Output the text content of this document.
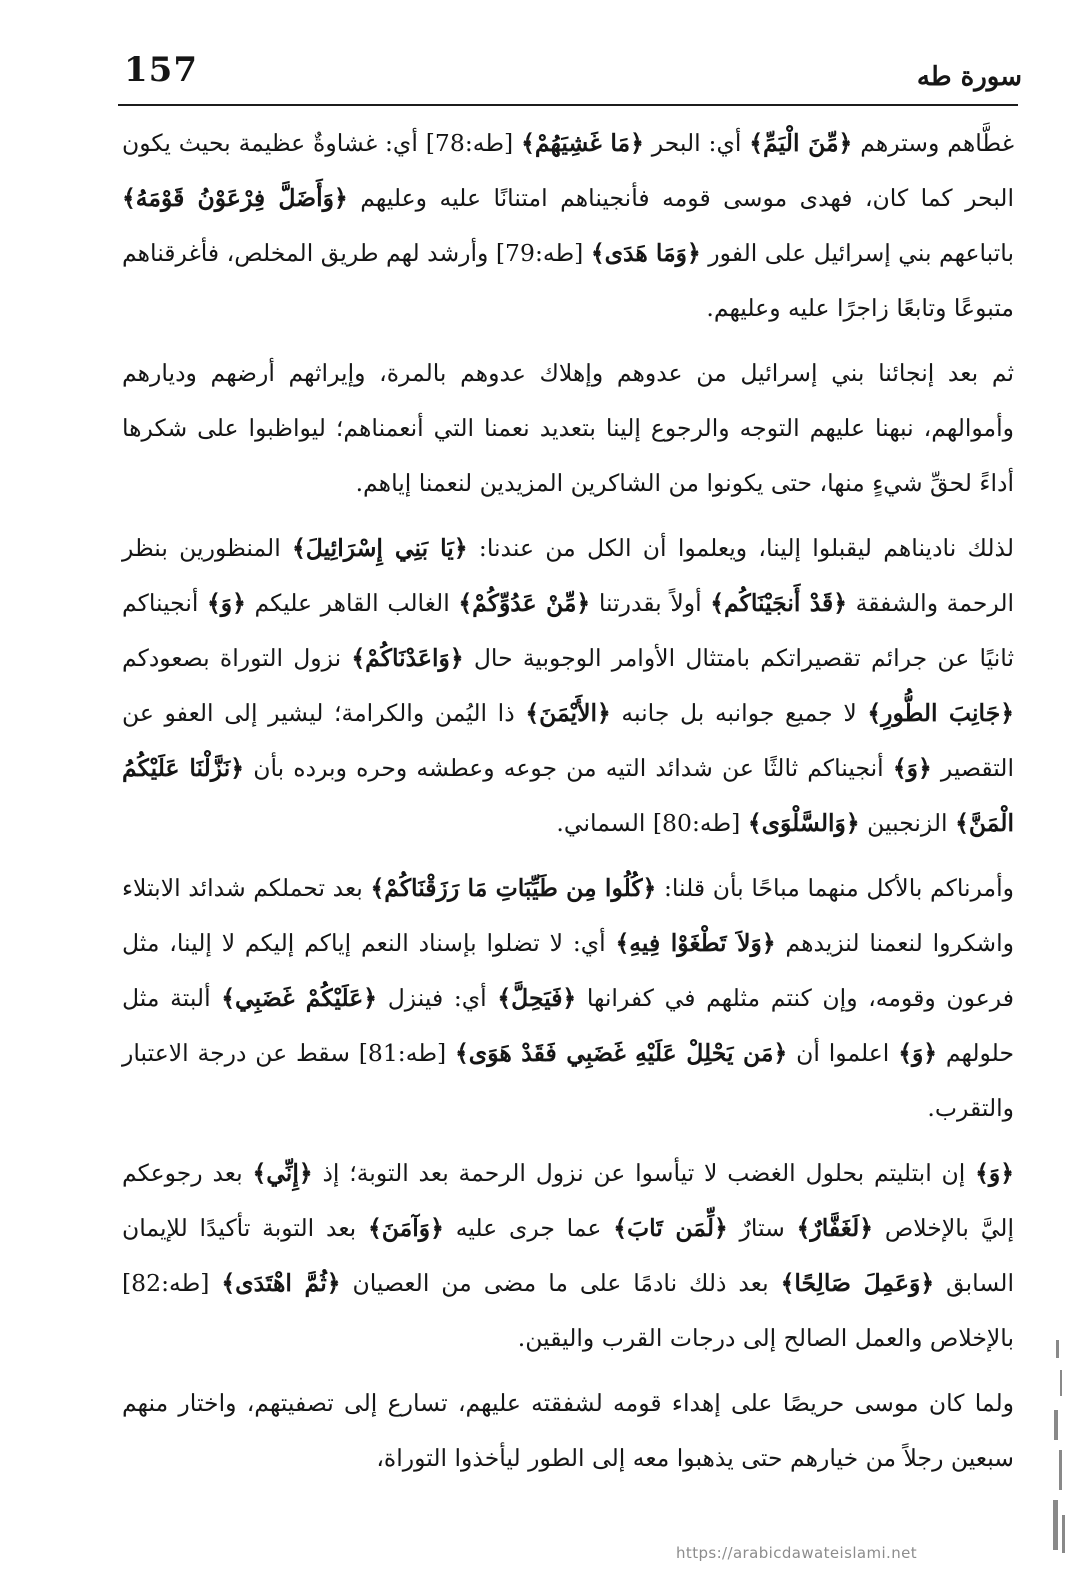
157	سورة طه

غطَّاهم وسترهم ﴿مِّنَ الْيَمِّ﴾ أي: البحر ﴿مَا غَشِيَهُمْ﴾ [طه:78] أي: غشاوةٌ عظيمة بحيث يكون البحر كما كان، فهدى موسى قومه فأنجيناهم امتنانًا عليه وعليهم ﴿وَأَضَلَّ فِرْعَوْنُ قَوْمَهُ﴾ باتباعهم بني إسرائيل على الفور ﴿وَمَا هَدَى﴾ [طه:79] وأرشد لهم طريق المخلص، فأغرقناهم متبوعًا وتابعًا زاجرًا عليه وعليهم.

ثم بعد إنجائنا بني إسرائيل من عدوهم وإهلاك عدوهم بالمرة، وإيراثهم أرضهم وديارهم وأموالهم، نبهنا عليهم التوجه والرجوع إلينا بتعديد نعمنا التي أنعمناهم؛ ليواظبوا على شكرها أداءً لحقِّ شيءٍ منها، حتى يكونوا من الشاكرين المزيدين لنعمنا إياهم.

لذلك ناديناهم ليقبلوا إلينا، ويعلموا أن الكل من عندنا: ﴿يَا بَنِي إِسْرَائِيلَ﴾ المنظورين بنظر الرحمة والشفقة ﴿قَدْ أَنجَيْنَاكُم﴾ أولاً بقدرتنا ﴿مِّنْ عَدُوِّكُمْ﴾ الغالب القاهر عليكم ﴿وَ﴾ أنجيناكم ثانيًا عن جرائم تقصيراتكم بامتثال الأوامر الوجوبية حال ﴿وَاعَدْنَاكُمْ﴾ نزول التوراة بصعودكم ﴿جَانِبَ الطُّورِ﴾ لا جميع جوانبه بل جانبه ﴿الأَيْمَنَ﴾ ذا اليُمن والكرامة؛ ليشير إلى العفو عن التقصير ﴿وَ﴾ أنجيناكم ثالثًا عن شدائد التيه من جوعه وعطشه وحره وبرده بأن ﴿نَزَّلْنَا عَلَيْكُمُ الْمَنَّ﴾ الزنجبين ﴿وَالسَّلْوَى﴾ [طه:80] السماني.

وأمرناكم بالأكل منهما مباحًا بأن قلنا: ﴿كُلُوا مِن طَيِّبَاتِ مَا رَزَقْنَاكُمْ﴾ بعد تحملكم شدائد الابتلاء واشكروا لنعمنا لنزيدهم ﴿وَلاَ تَطْغَوْا فِيهِ﴾ أي: لا تضلوا بإسناد النعم إياكم إليكم لا إلينا، مثل فرعون وقومه، وإن كنتم مثلهم في كفرانها ﴿فَيَحِلَّ﴾ أي: فينزل ﴿عَلَيْكُمْ غَضَبِي﴾ ألبتة مثل حلولهم ﴿وَ﴾ اعلموا أن ﴿مَن يَحْلِلْ عَلَيْهِ غَضَبِي فَقَدْ هَوَى﴾ [طه:81] سقط عن درجة الاعتبار والتقرب.

﴿وَ﴾ إن ابتليتم بحلول الغضب لا تيأسوا عن نزول الرحمة بعد التوبة؛ إذ ﴿إِنِّي﴾ بعد رجوعكم إليَّ بالإخلاص ﴿لَغَفَّارٌ﴾ ستارٌ ﴿لِّمَن تَابَ﴾ عما جرى عليه ﴿وَآمَنَ﴾ بعد التوبة تأكيدًا للإيمان السابق ﴿وَعَمِلَ صَالِحًا﴾ بعد ذلك نادمًا على ما مضى من العصيان ﴿ثُمَّ اهْتَدَى﴾ [طه:82] بالإخلاص والعمل الصالح إلى درجات القرب واليقين.

ولما كان موسى حريصًا على إهداء قومه لشفقته عليهم، تسارع إلى تصفيتهم، واختار منهم سبعين رجلاً من خيارهم حتى يذهبوا معه إلى الطور ليأخذوا التوراة،

https://arabicdawateislami.net
